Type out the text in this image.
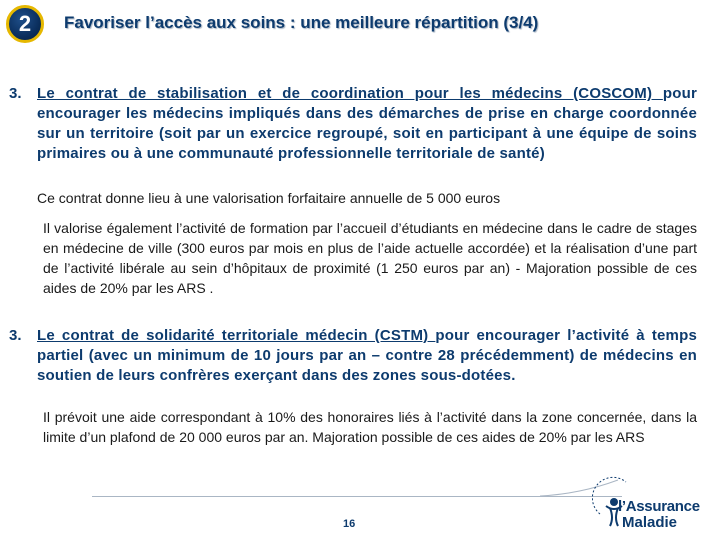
2	Favoriser l’accès aux soins : une meilleure répartition (3/4)
3. Le contrat de stabilisation et de coordination pour les médecins (COSCOM) pour encourager les médecins impliqués dans des démarches de prise en charge coordonnée sur un territoire (soit par un exercice regroupé, soit en participant à une équipe de soins primaires ou à une communauté professionnelle territoriale de santé)
Ce contrat donne lieu à une valorisation forfaitaire annuelle de 5 000 euros
Il valorise également l’activité de formation par l’accueil d’étudiants en médecine dans le cadre de stages en médecine de ville (300 euros par mois en plus de l’aide actuelle accordée) et la réalisation d’une part de l’activité libérale au sein d’hôpitaux de proximité (1 250 euros par an) - Majoration possible de ces aides de 20% par les ARS .
3. Le contrat de solidarité territoriale médecin (CSTM) pour encourager l’activité à temps partiel (avec un minimum de 10 jours par an – contre 28 précédemment) de médecins en soutien de leurs confrères exerçant dans des zones sous-dotées.
Il prévoit une aide correspondant à 10% des honoraires liés à l’activité dans la zone concernée, dans la limite d’un plafond de 20 000 euros par an. Majoration possible de ces aides de 20% par les ARS
16
l’Assurance
Maladie
